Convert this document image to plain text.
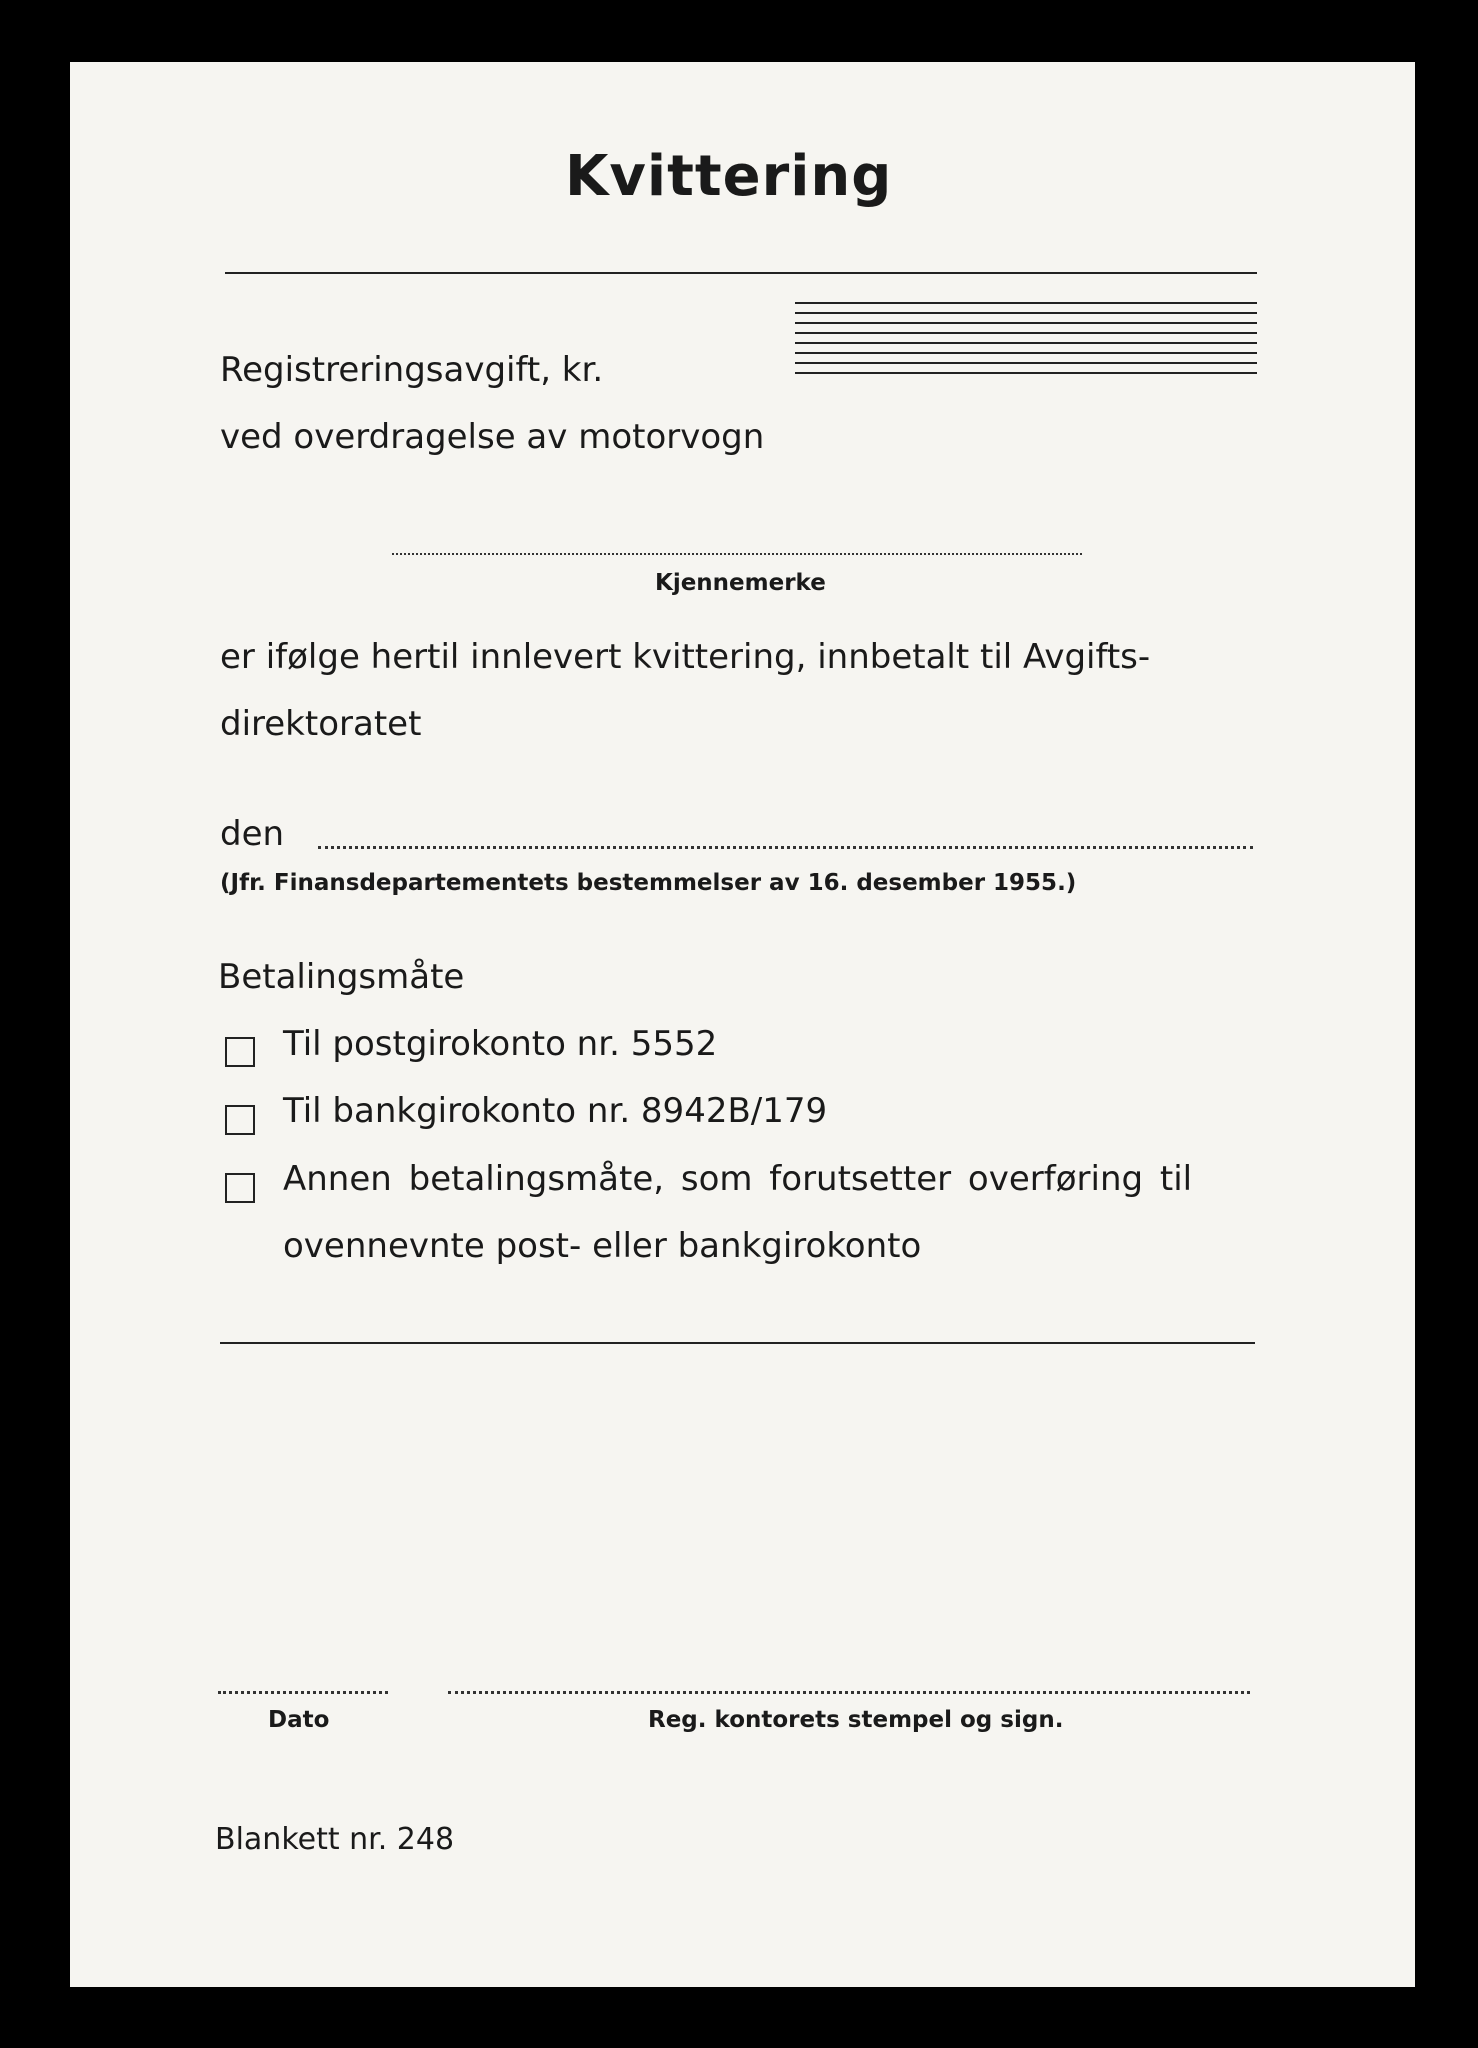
Kvittering
Registreringsavgift, kr.
ved overdragelse av motorvogn
Kjennemerke
er ifølge hertil innlevert kvittering, innbetalt til Avgifts-
direktoratet
den
(Jfr. Finansdepartementets bestemmelser av 16. desember 1955.)
Betalingsmåte
Til postgirokonto nr. 5552
Til bankgirokonto nr. 8942B/179
Annen betalingsmåte, som forutsetter overføring til
ovennevnte post- eller bankgirokonto
Dato	Reg. kontorets stempel og sign.
Blankett nr. 248
